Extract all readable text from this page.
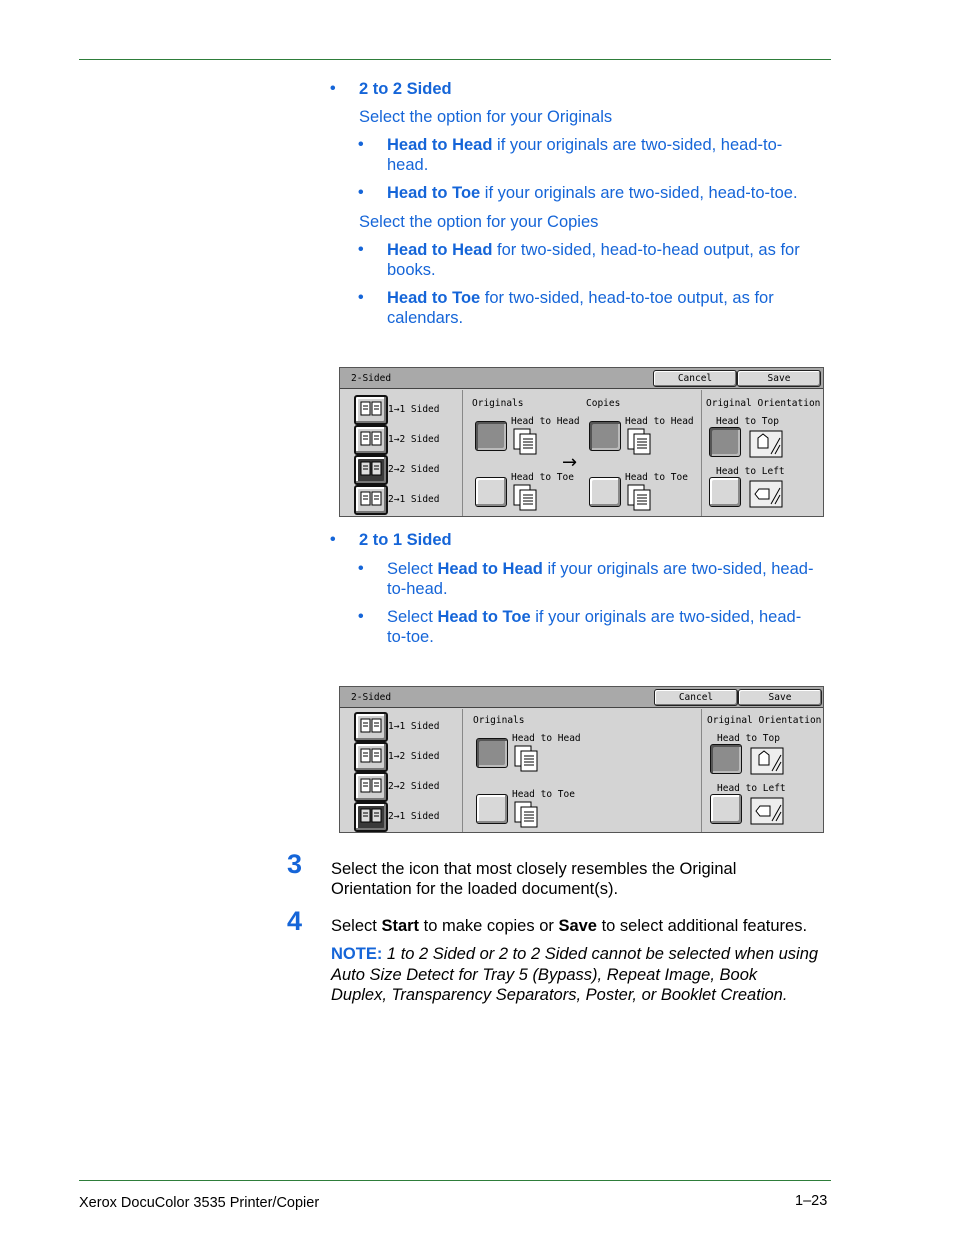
• 2 to 2 Sided
Select the option for your Originals
• Head to Head if your originals are two-sided, head-to-
head.
• Head to Toe if your originals are two-sided, head-to-toe.
Select the option for your Copies
• Head to Head for two-sided, head-to-head output, as for
books.
• Head to Toe for two-sided, head-to-toe output, as for
calendars.
2-Sided	Cancel	Save
1→1 Sided
1→2 Sided
2→2 Sided
2→1 Sided
Originals
Head to Head
Head to Toe
→
Copies
Head to Head
Head to Toe
Original Orientation
Head to Top
Head to Left
• 2 to 1 Sided
• Select Head to Head if your originals are two-sided, head-
to-head.
• Select Head to Toe if your originals are two-sided, head-
to-toe.
2-Sided	Cancel	Save
1→1 Sided
1→2 Sided
2→2 Sided
2→1 Sided
Originals
Head to Head
Head to Toe
Original Orientation
Head to Top
Head to Left
3 Select the icon that most closely resembles the Original
Orientation for the loaded document(s).
4 Select Start to make copies or Save to select additional features.
NOTE: 1 to 2 Sided or 2 to 2 Sided cannot be selected when using
Auto Size Detect for Tray 5 (Bypass), Repeat Image, Book
Duplex, Transparency Separators, Poster, or Booklet Creation.
Xerox DocuColor 3535 Printer/Copier	1–23
